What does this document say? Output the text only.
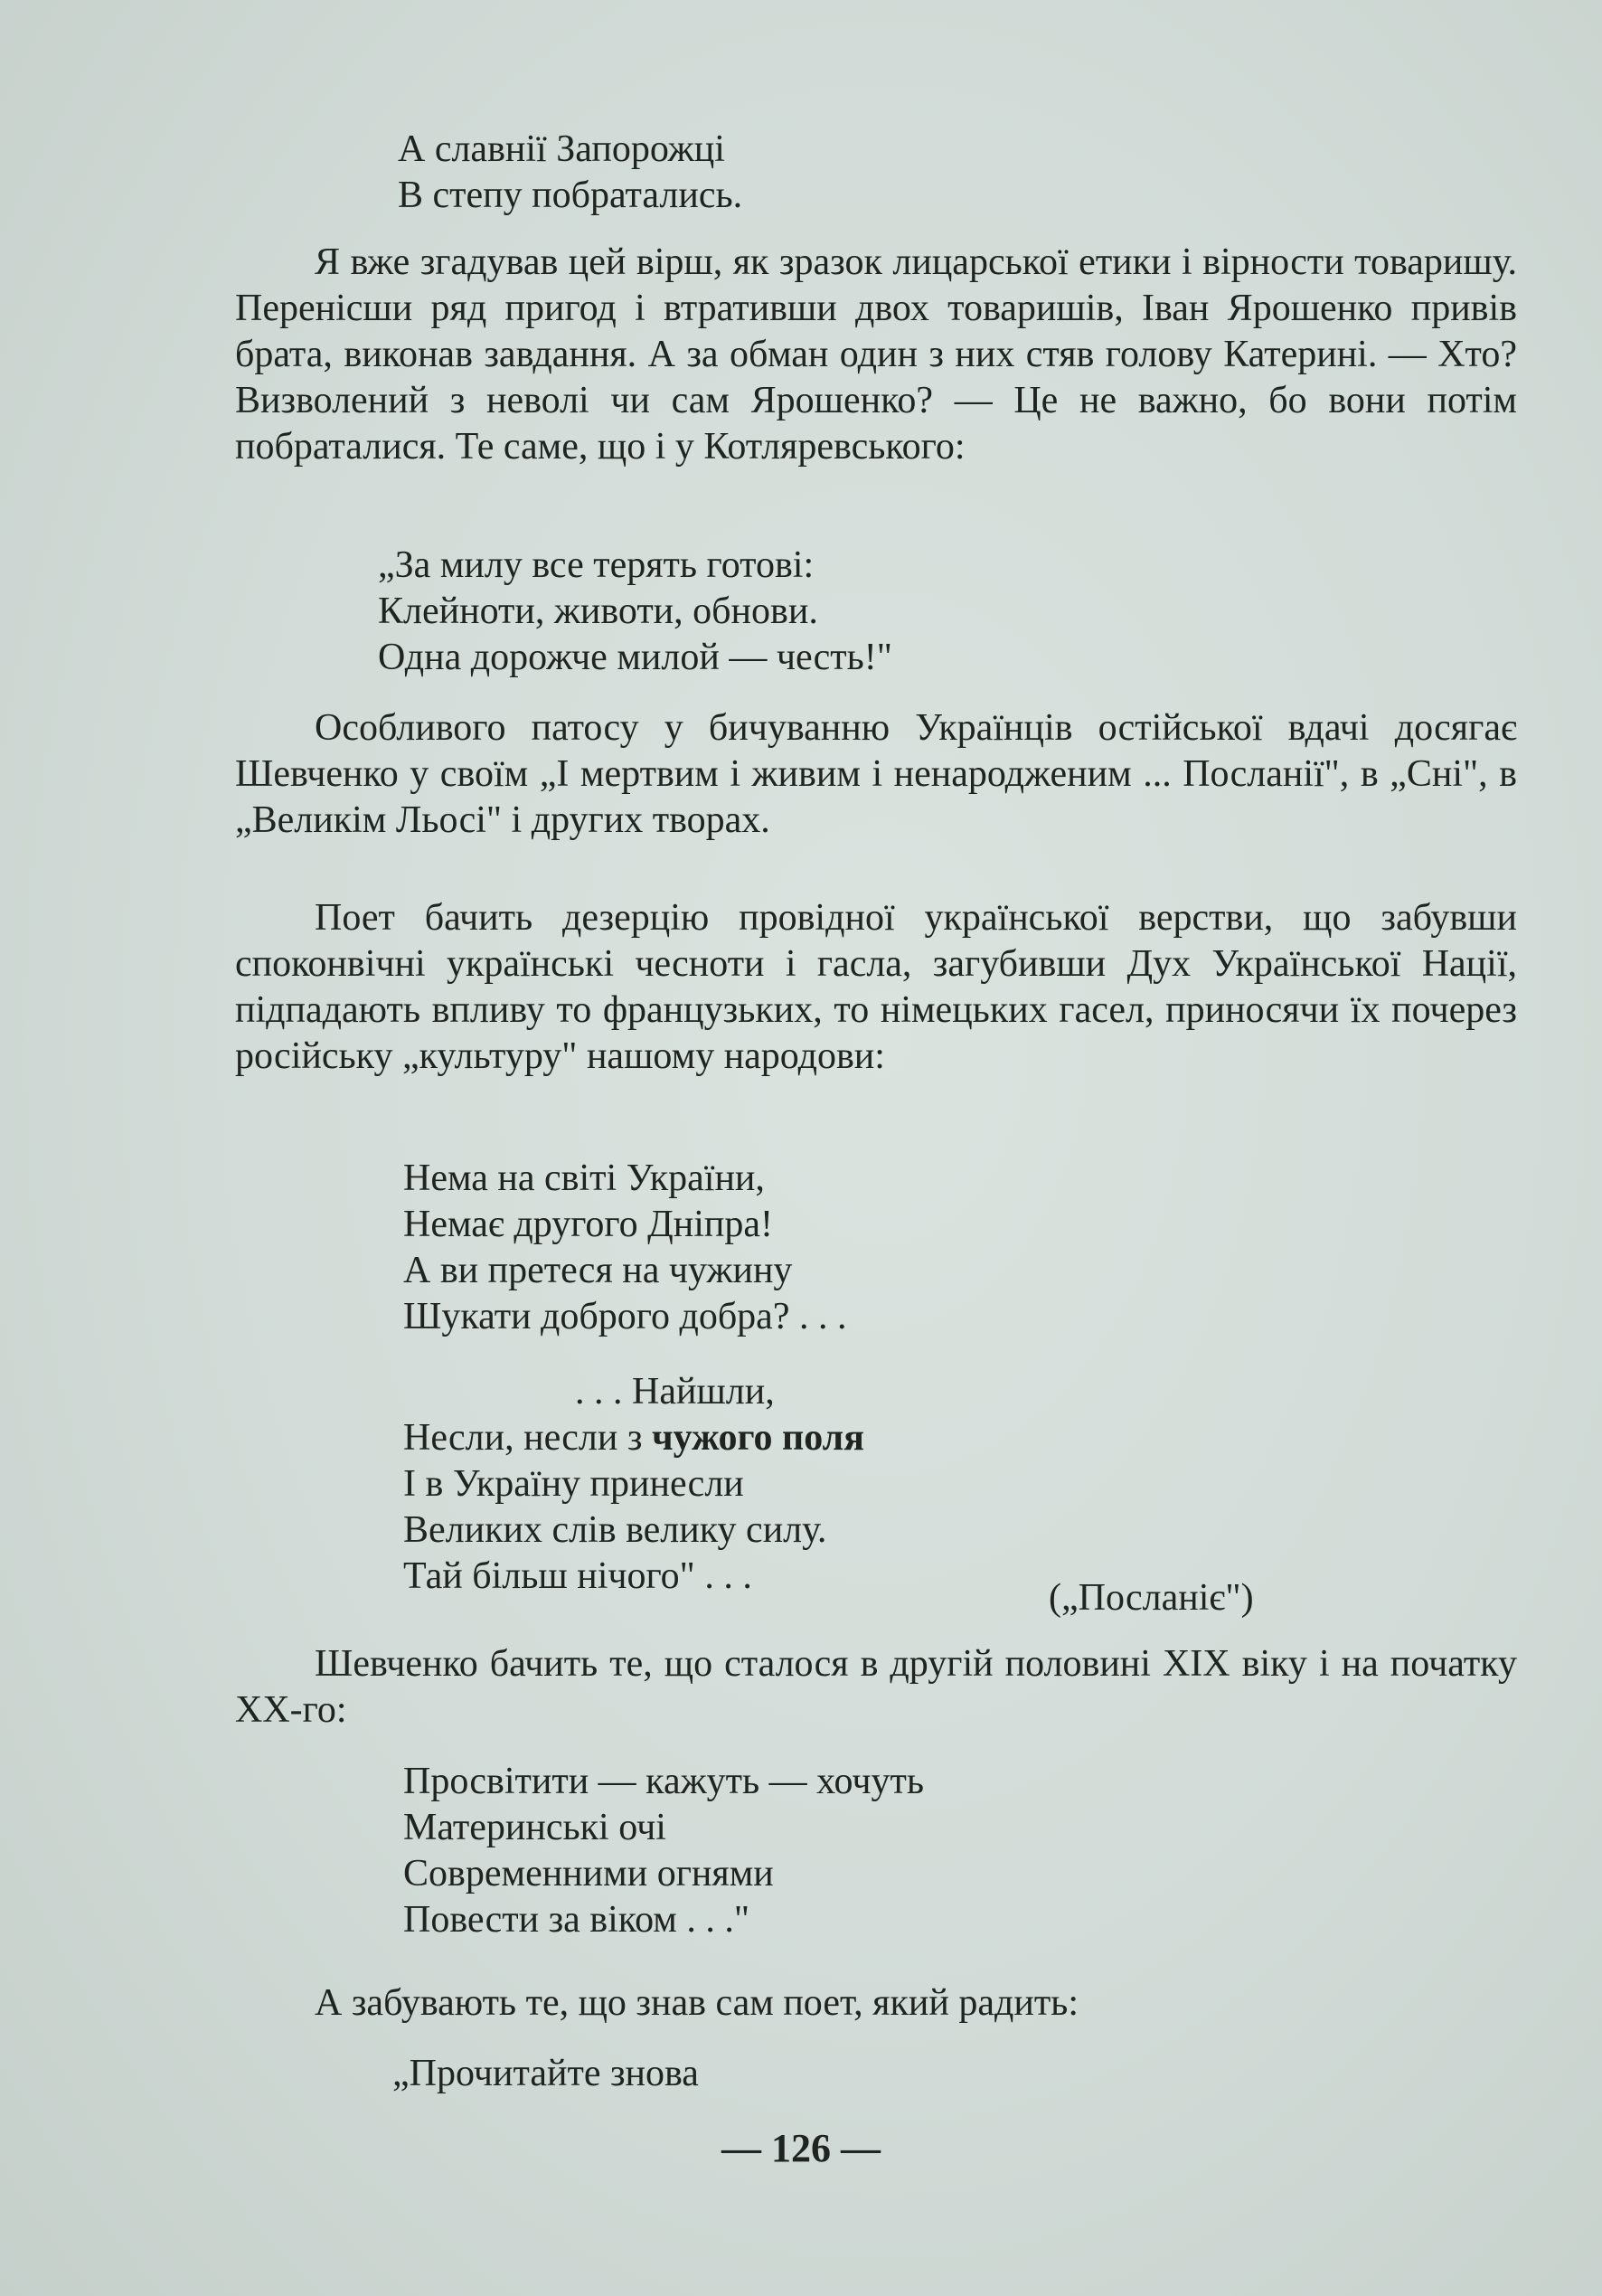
А славнії Запорожці
В степу побратались.

Я вже згадував цей вірш, як зразок лицарської етики і вірности товаришу. Перенісши ряд пригод і втративши двох товаришів, Іван Ярошенко привів брата, виконав завдання. А за обман один з них стяв голову Катерині. — Хто? Визволений з неволі чи сам Ярошенко? — Це не важно, бо вони потім побраталися. Те саме, що і у Котляревського:

„За милу все терять готові:
Клейноти, животи, обнови.
Одна дорожче милой — честь!"

Особливого патосу у бичуванню Українців остійської вдачі досягає Шевченко у своїм „І мертвим і живим і ненародженим ... Посланії", в „Сні", в „Великім Льосі" і других творах.

Поет бачить дезерцію провідної української верстви, що забувши споконвічні українські чесноти і гасла, загубивши Дух Української Нації, підпадають впливу то французьких, то німецьких гасел, приносячи їх почерез російську „культуру" нашому народови:

Нема на світі України,
Немає другого Дніпра!
А ви претеся на чужину
Шукати доброго добра? . . .
. . . Найшли,
Несли, несли з чужого поля
І в Україну принесли
Великих слів велику силу.
Тай більш нічого" . . .
(„Посланіє")

Шевченко бачить те, що сталося в другій половині XIX віку і на початку XX-го:

Просвітити — кажуть — хочуть
Материнські очі
Современними огнями
Повести за віком . . ."

А забувають те, що знав сам поет, який радить:

„Прочитайте знова
— 126 —
